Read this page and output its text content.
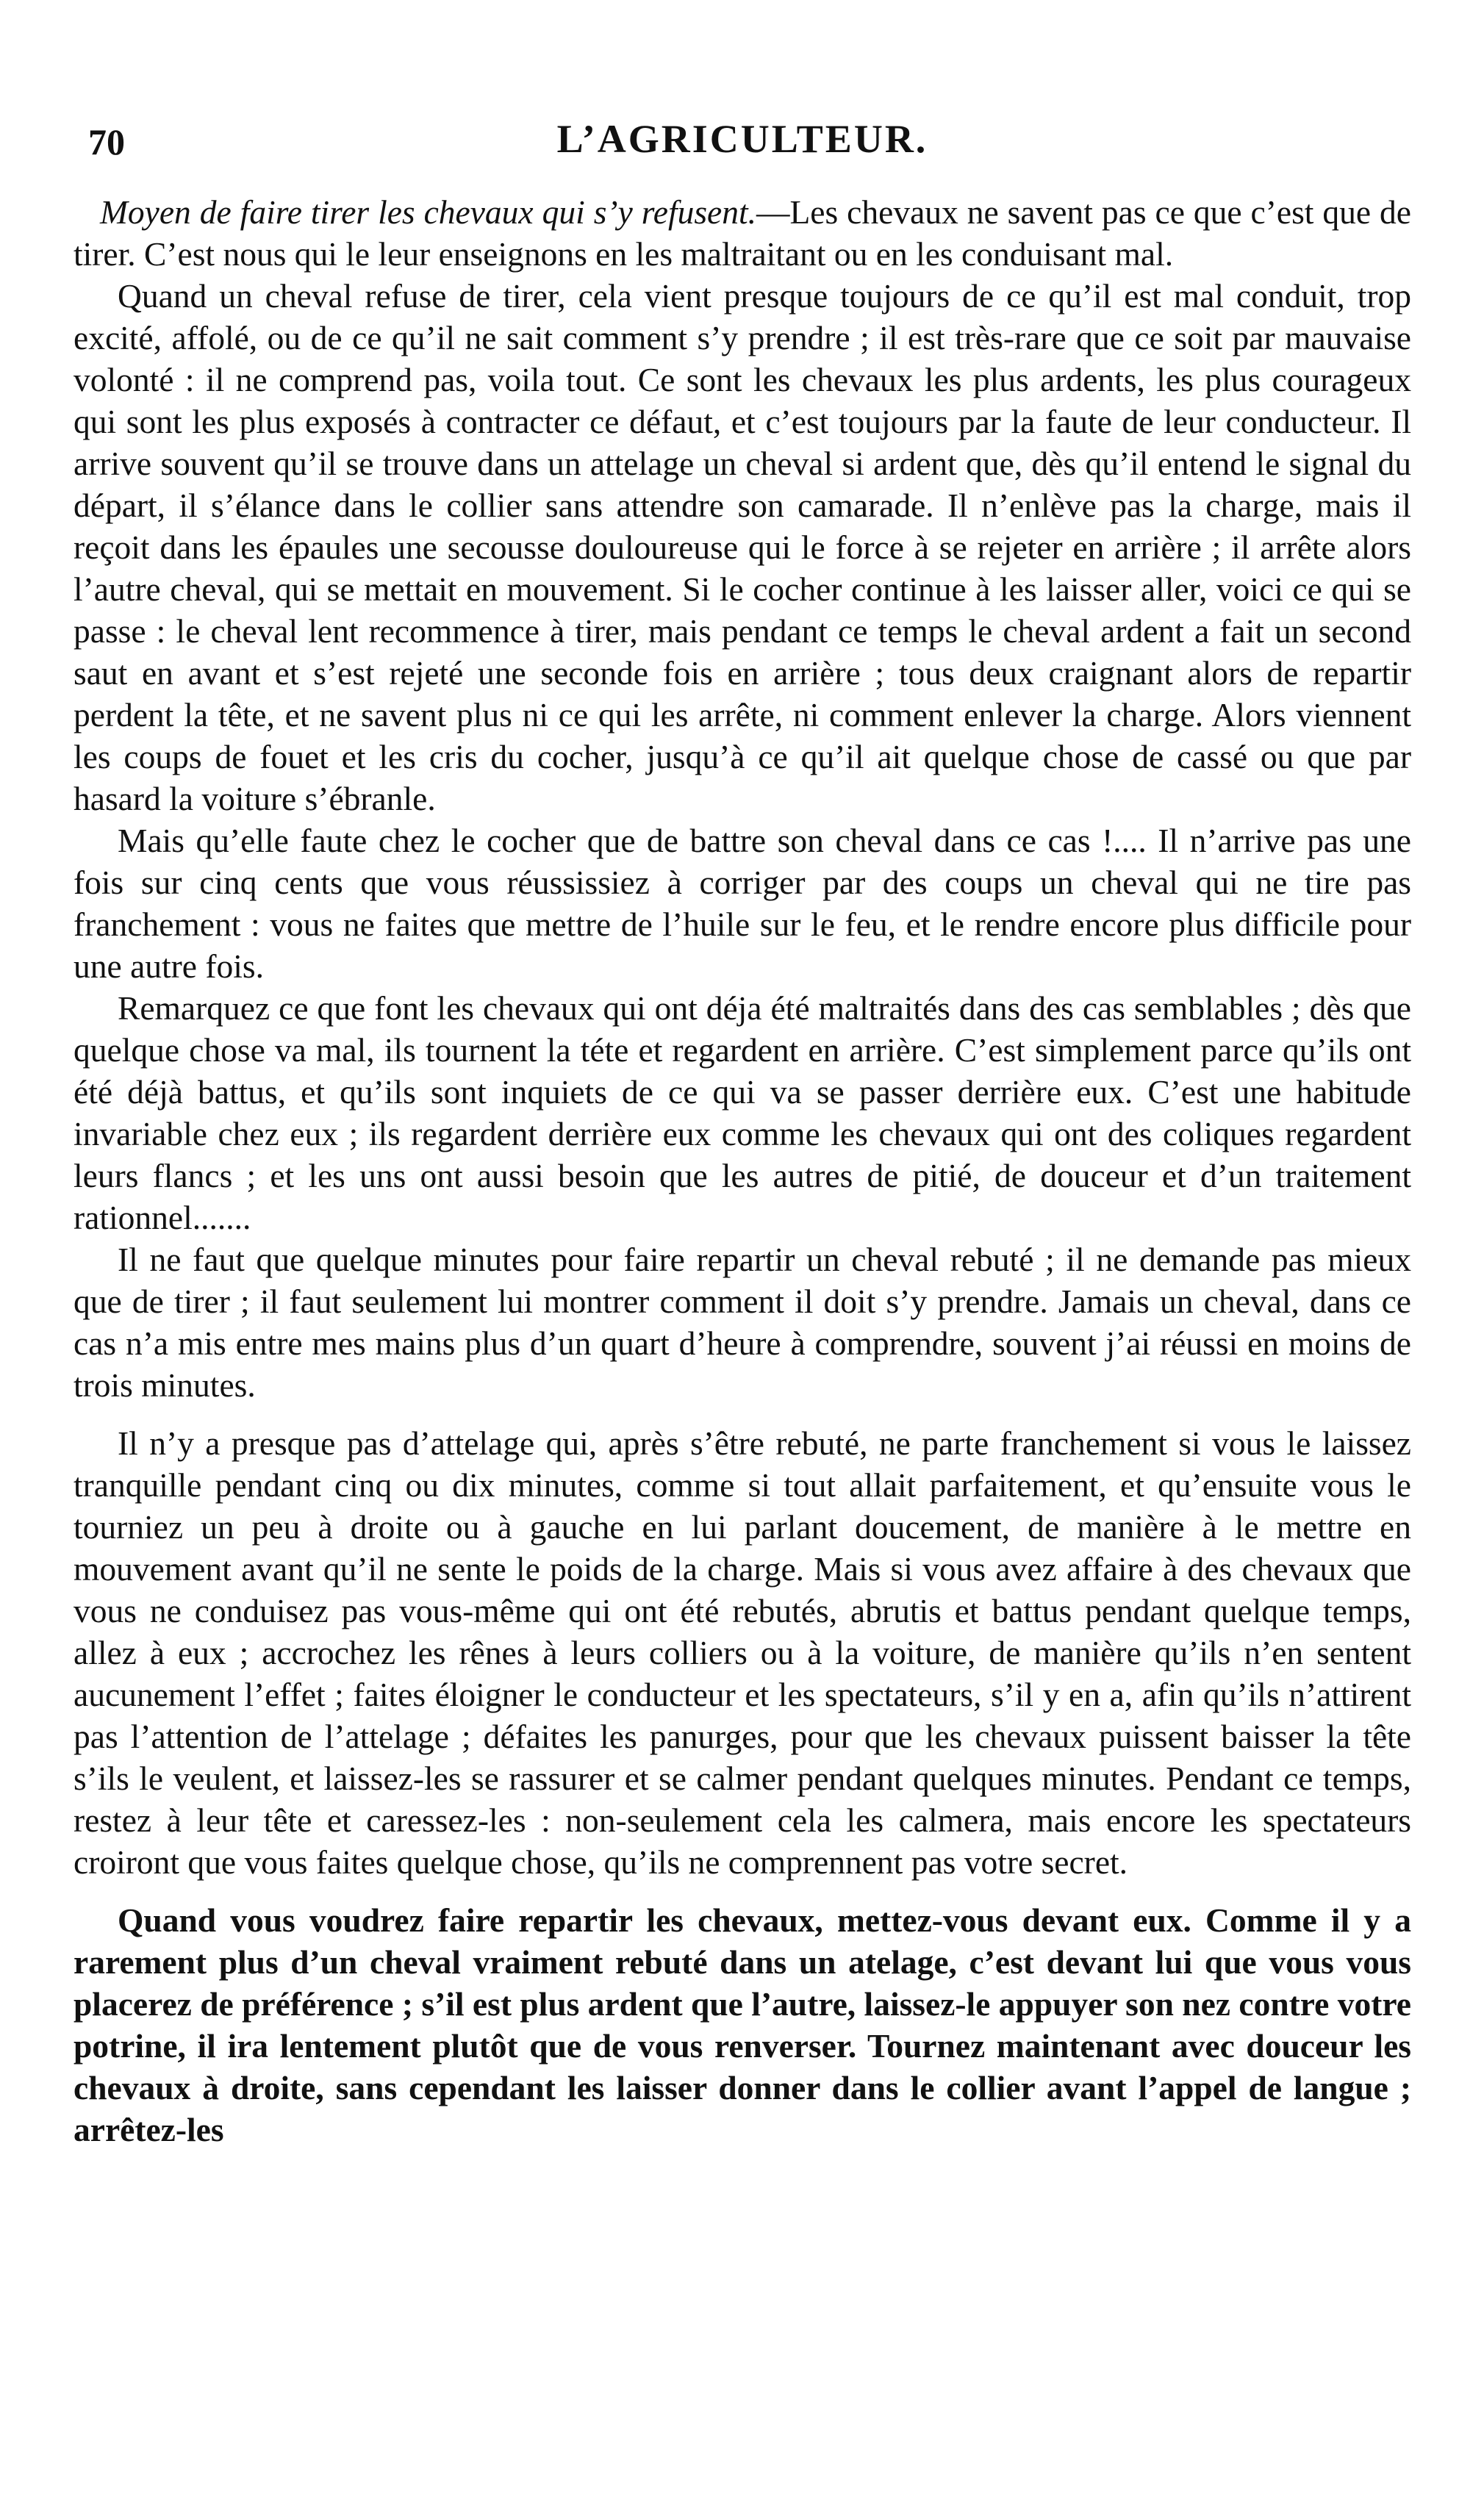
70	L’AGRICULTEUR.

Moyen de faire tirer les chevaux qui s’y refusent.—Les chevaux ne savent pas ce que c’est que de tirer. C’est nous qui le leur enseignons en les maltraitant ou en les conduisant mal.

Quand un cheval refuse de tirer, cela vient presque toujours de ce qu’il est mal conduit, trop excité, affolé, ou de ce qu’il ne sait comment s’y prendre ; il est très-rare que ce soit par mauvaise volonté : il ne comprend pas, voila tout. Ce sont les chevaux les plus ardents, les plus courageux qui sont les plus exposés à contracter ce défaut, et c’est toujours par la faute de leur conducteur. Il arrive souvent qu’il se trouve dans un attelage un cheval si ardent que, dès qu’il entend le signal du départ, il s’élance dans le collier sans attendre son camarade. Il n’enlève pas la charge, mais il reçoit dans les épaules une secousse douloureuse qui le force à se rejeter en arrière ; il arrête alors l’autre cheval, qui se mettait en mouvement. Si le cocher continue à les laisser aller, voici ce qui se passe : le cheval lent recommence à tirer, mais pendant ce temps le cheval ardent a fait un second saut en avant et s’est rejeté une seconde fois en arrière ; tous deux craignant alors de repartir perdent la tête, et ne savent plus ni ce qui les arrête, ni comment enlever la charge. Alors viennent les coups de fouet et les cris du cocher, jusqu’à ce qu’il ait quelque chose de cassé ou que par hasard la voiture s’ébranle.

Mais qu’elle faute chez le cocher que de battre son cheval dans ce cas !.... Il n’arrive pas une fois sur cinq cents que vous réussissiez à corriger par des coups un cheval qui ne tire pas franchement : vous ne faites que mettre de l’huile sur le feu, et le rendre encore plus difficile pour une autre fois.

Remarquez ce que font les chevaux qui ont déja été maltraités dans des cas semblables ; dès que quelque chose va mal, ils tournent la téte et regardent en arrière. C’est simplement parce qu’ils ont été déjà battus, et qu’ils sont inquiets de ce qui va se passer derrière eux. C’est une habitude invariable chez eux ; ils regardent derrière eux comme les chevaux qui ont des coliques regardent leurs flancs ; et les uns ont aussi besoin que les autres de pitié, de douceur et d’un traitement rationnel.......

Il ne faut que quelque minutes pour faire repartir un cheval rebuté ; il ne demande pas mieux que de tirer ; il faut seulement lui montrer comment il doit s’y prendre. Jamais un cheval, dans ce cas n’a mis entre mes mains plus d’un quart d’heure à comprendre, souvent j’ai réussi en moins de trois minutes.

Il n’y a presque pas d’attelage qui, après s’être rebuté, ne parte franchement si vous le laissez tranquille pendant cinq ou dix minutes, comme si tout allait parfaitement, et qu’ensuite vous le tourniez un peu à droite ou à gauche en lui parlant doucement, de manière à le mettre en mouvement avant qu’il ne sente le poids de la charge. Mais si vous avez affaire à des chevaux que vous ne conduisez pas vous-même qui ont été rebutés, abrutis et battus pendant quelque temps, allez à eux ; accrochez les rênes à leurs colliers ou à la voiture, de manière qu’ils n’en sentent aucunement l’effet ; faites éloigner le conducteur et les spectateurs, s’il y en a, afin qu’ils n’attirent pas l’attention de l’attelage ; défaites les panurges, pour que les chevaux puissent baisser la tête s’ils le veulent, et laissez-les se rassurer et se calmer pendant quelques minutes. Pendant ce temps, restez à leur tête et caressez-les : non-seulement cela les calmera, mais encore les spectateurs croiront que vous faites quelque chose, qu’ils ne comprennent pas votre secret.

Quand vous voudrez faire repartir les chevaux, mettez-vous devant eux. Comme il y a rarement plus d’un cheval vraiment rebuté dans un atelage, c’est devant lui que vous vous placerez de préférence ; s’il est plus ardent que l’autre, laissez-le appuyer son nez contre votre potrine, il ira lentement plutôt que de vous renverser. Tournez maintenant avec douceur les chevaux à droite, sans cependant les laisser donner dans le collier avant l’appel de langue ; arrêtez-les
